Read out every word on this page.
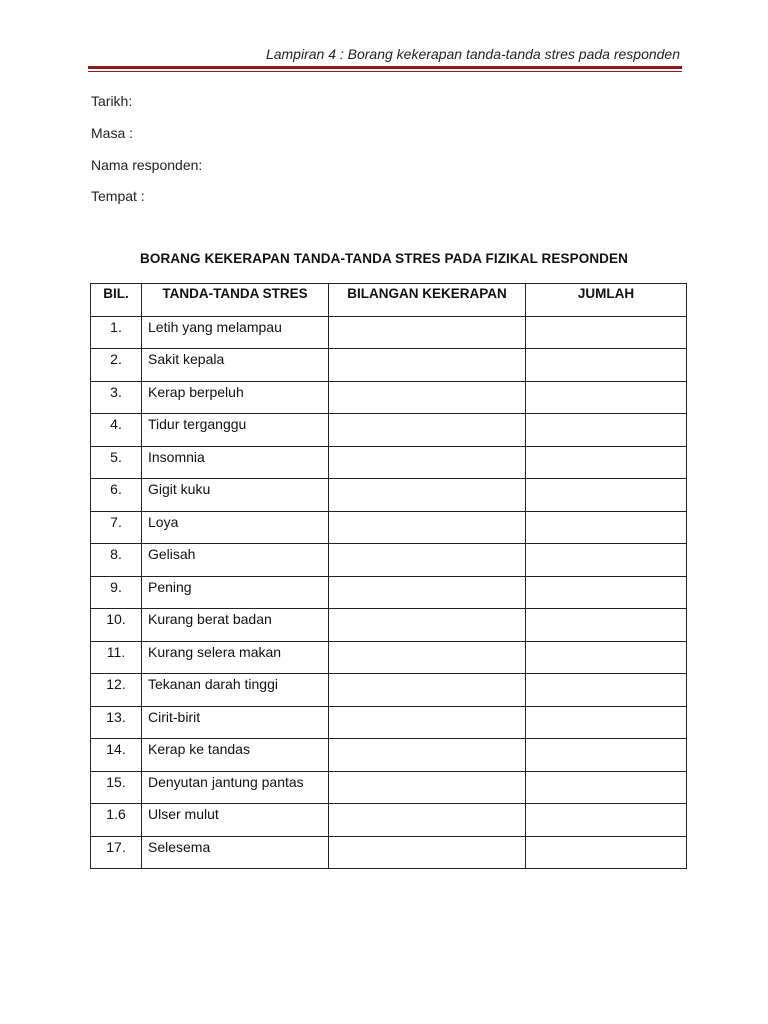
Lampiran 4 : Borang kekerapan tanda-tanda stres pada responden
Tarikh:
Masa :
Nama responden:
Tempat :
BORANG KEKERAPAN TANDA-TANDA STRES PADA FIZIKAL RESPONDEN
BIL.	TANDA-TANDA STRES	BILANGAN KEKERAPAN	JUMLAH
1.	Letih yang melampau		
2.	Sakit kepala		
3.	Kerap berpeluh		
4.	Tidur terganggu		
5.	Insomnia		
6.	Gigit kuku		
7.	Loya		
8.	Gelisah		
9.	Pening		
10.	Kurang berat badan		
11.	Kurang selera makan		
12.	Tekanan darah tinggi		
13.	Cirit-birit		
14.	Kerap ke tandas		
15.	Denyutan jantung pantas		
1.6	Ulser mulut		
17.	Selesema		
